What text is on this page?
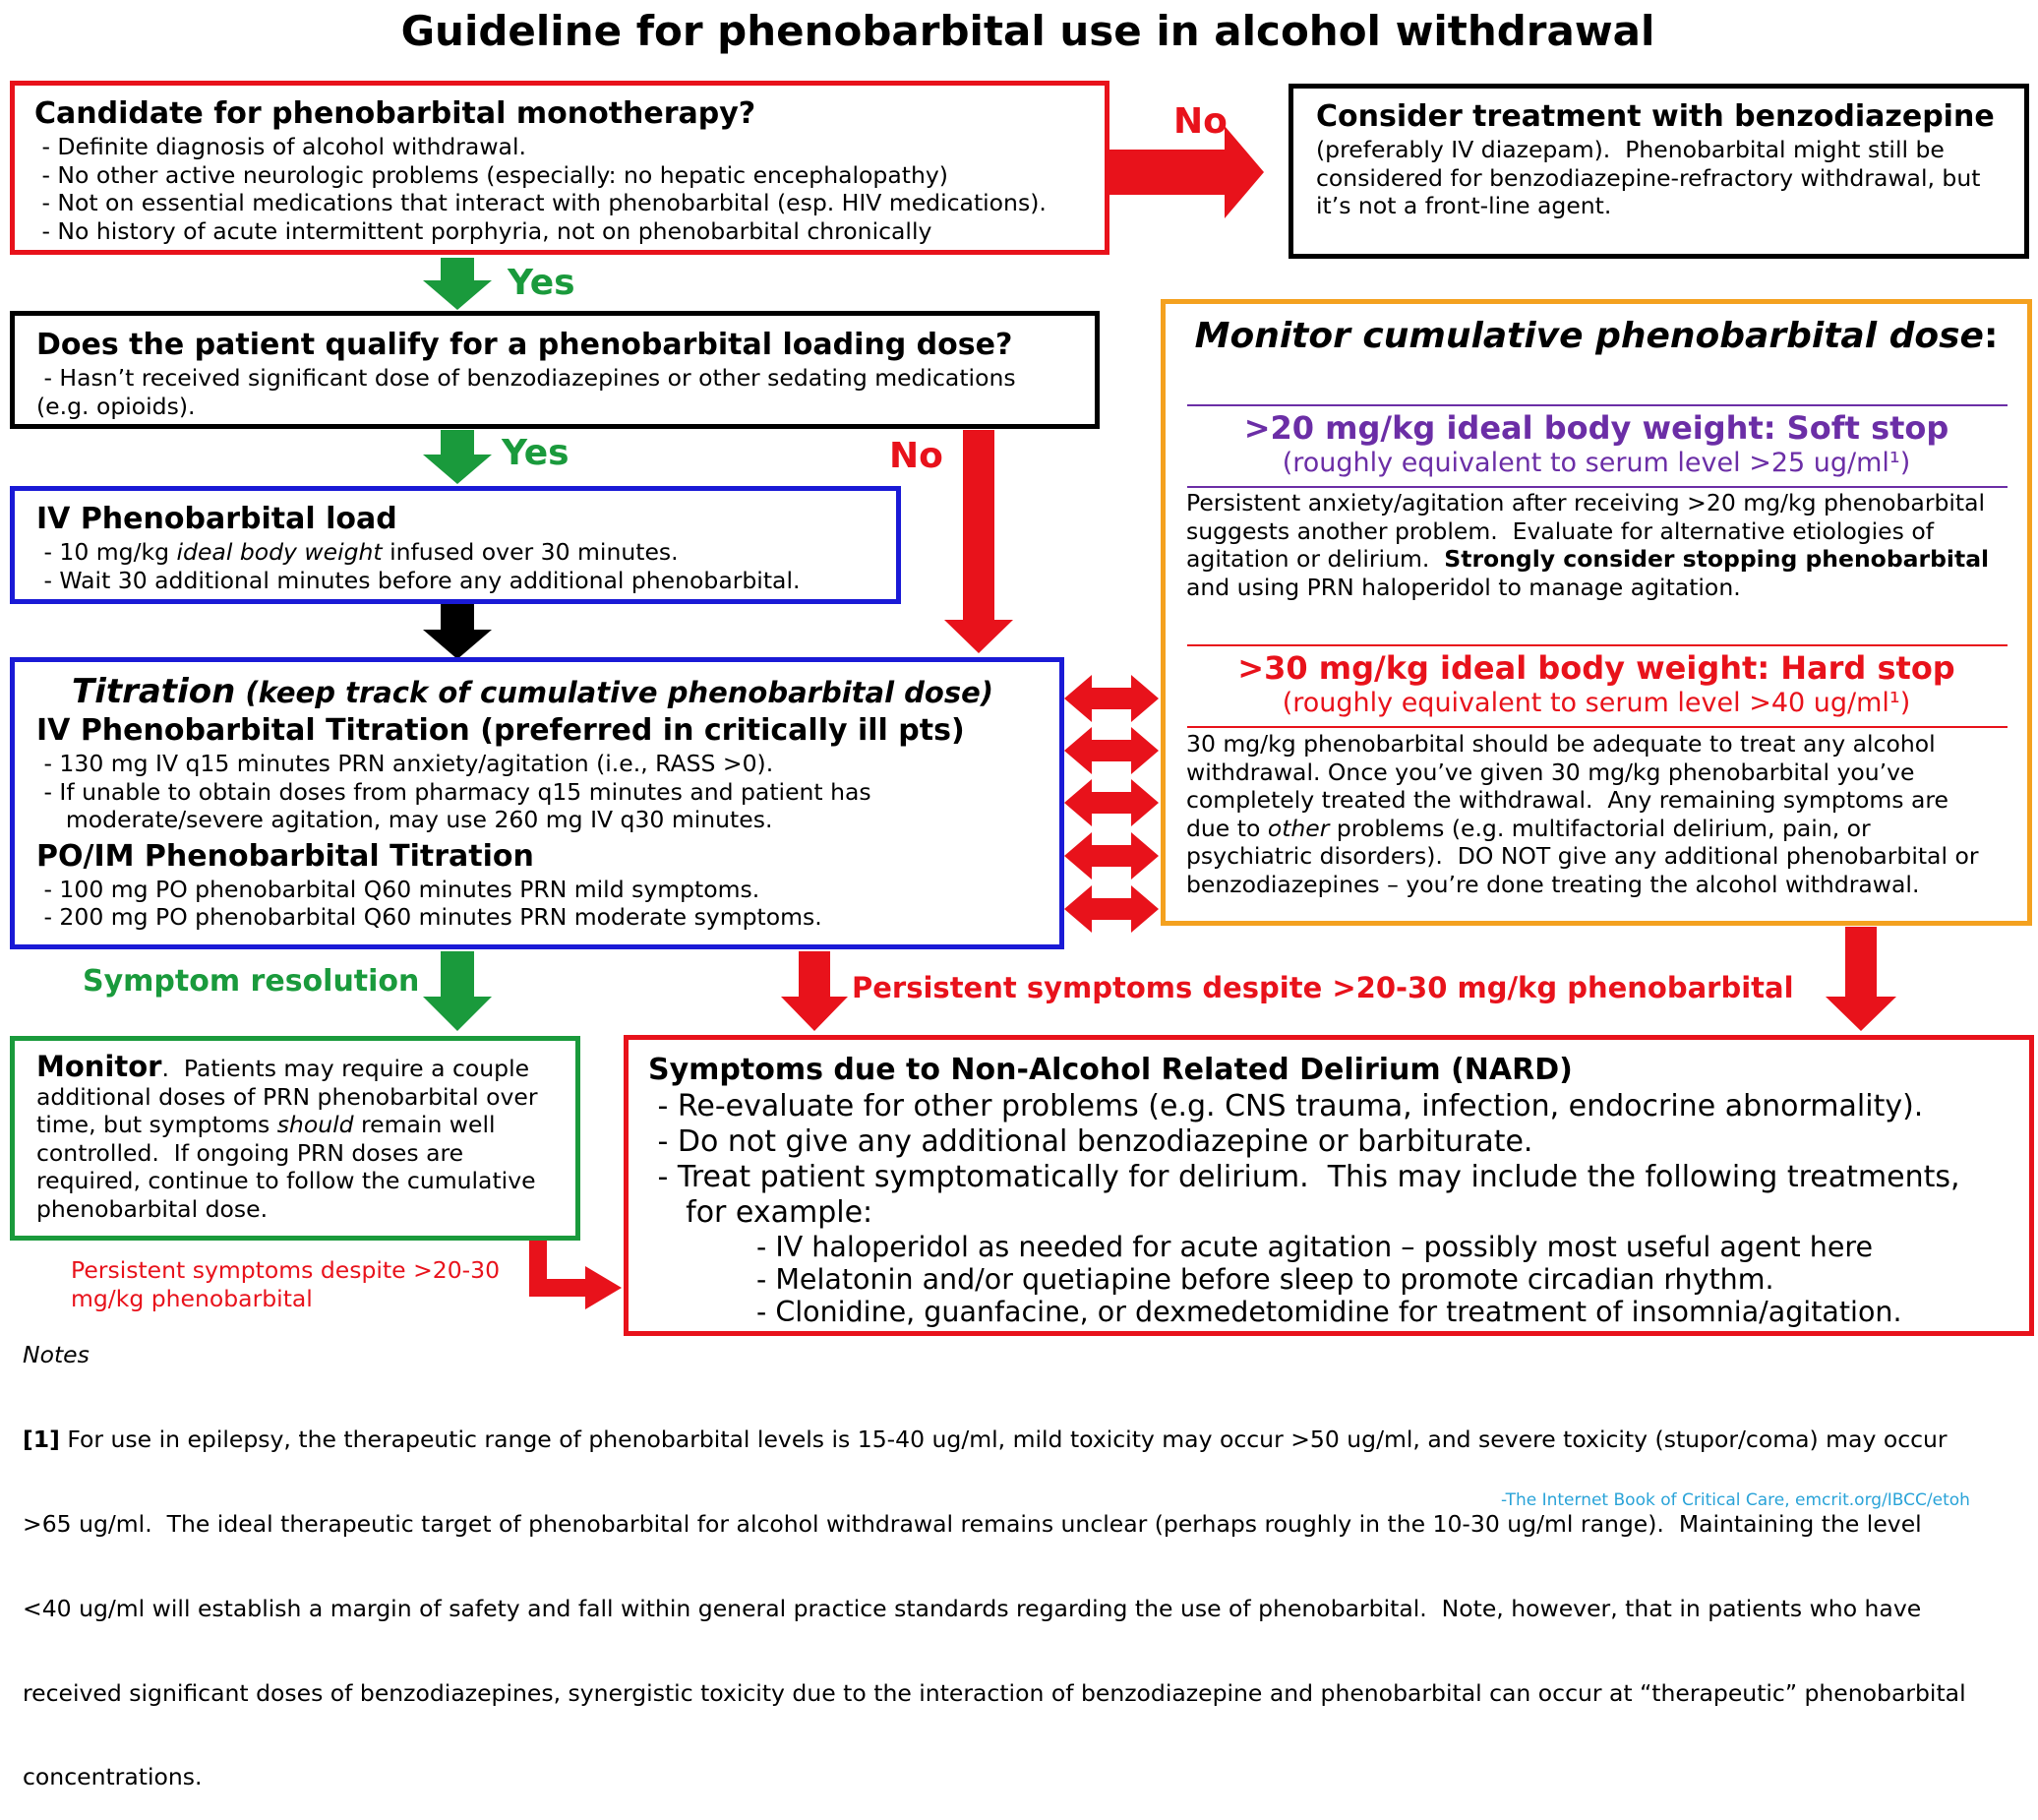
Guideline for phenobarbital use in alcohol withdrawal
Candidate for phenobarbital monotherapy?
- Definite diagnosis of alcohol withdrawal.
- No other active neurologic problems (especially: no hepatic encephalopathy)
- Not on essential medications that interact with phenobarbital (esp. HIV medications).
- No history of acute intermittent porphyria, not on phenobarbital chronically
No	Consider treatment with benzodiazepine
(preferably IV diazepam).  Phenobarbital might still be
considered for benzodiazepine-refractory withdrawal, but
it’s not a front-line agent.
Yes
Does the patient qualify for a phenobarbital loading dose?
- Hasn’t received significant dose of benzodiazepines or other sedating medications
(e.g. opioids).
Yes	No
IV Phenobarbital load
- 10 mg/kg ideal body weight infused over 30 minutes.
- Wait 30 additional minutes before any additional phenobarbital.
Titration (keep track of cumulative phenobarbital dose)
IV Phenobarbital Titration (preferred in critically ill pts)
- 130 mg IV q15 minutes PRN anxiety/agitation (i.e., RASS >0).
- If unable to obtain doses from pharmacy q15 minutes and patient has
moderate/severe agitation, may use 260 mg IV q30 minutes.
PO/IM Phenobarbital Titration
- 100 mg PO phenobarbital Q60 minutes PRN mild symptoms.
- 200 mg PO phenobarbital Q60 minutes PRN moderate symptoms.
Monitor cumulative phenobarbital dose:
>20 mg/kg ideal body weight: Soft stop
(roughly equivalent to serum level >25 ug/ml¹)
Persistent anxiety/agitation after receiving >20 mg/kg phenobarbital
suggests another problem.  Evaluate for alternative etiologies of
agitation or delirium.  Strongly consider stopping phenobarbital
and using PRN haloperidol to manage agitation.
>30 mg/kg ideal body weight: Hard stop
(roughly equivalent to serum level >40 ug/ml¹)
30 mg/kg phenobarbital should be adequate to treat any alcohol
withdrawal. Once you’ve given 30 mg/kg phenobarbital you’ve
completely treated the withdrawal.  Any remaining symptoms are
due to other problems (e.g. multifactorial delirium, pain, or
psychiatric disorders).  DO NOT give any additional phenobarbital or
benzodiazepines – you’re done treating the alcohol withdrawal.
Symptom resolution	Persistent symptoms despite >20-30 mg/kg phenobarbital
Monitor.  Patients may require a couple
additional doses of PRN phenobarbital over
time, but symptoms should remain well
controlled.  If ongoing PRN doses are
required, continue to follow the cumulative
phenobarbital dose.
Persistent symptoms despite >20-30
mg/kg phenobarbital
Symptoms due to Non-Alcohol Related Delirium (NARD)
- Re-evaluate for other problems (e.g. CNS trauma, infection, endocrine abnormality).
- Do not give any additional benzodiazepine or barbiturate.
- Treat patient symptomatically for delirium.  This may include the following treatments,
for example:
- IV haloperidol as needed for acute agitation – possibly most useful agent here
- Melatonin and/or quetiapine before sleep to promote circadian rhythm.
- Clonidine, guanfacine, or dexmedetomidine for treatment of insomnia/agitation.
Notes

[1] For use in epilepsy, the therapeutic range of phenobarbital levels is 15-40 ug/ml, mild toxicity may occur >50 ug/ml, and severe toxicity (stupor/coma) may occur

>65 ug/ml.  The ideal therapeutic target of phenobarbital for alcohol withdrawal remains unclear (perhaps roughly in the 10-30 ug/ml range).  Maintaining the level

<40 ug/ml will establish a margin of safety and fall within general practice standards regarding the use of phenobarbital.  Note, however, that in patients who have

received significant doses of benzodiazepines, synergistic toxicity due to the interaction of benzodiazepine and phenobarbital can occur at “therapeutic” phenobarbital

concentrations.

-The Internet Book of Critical Care, emcrit.org/IBCC/etoh
